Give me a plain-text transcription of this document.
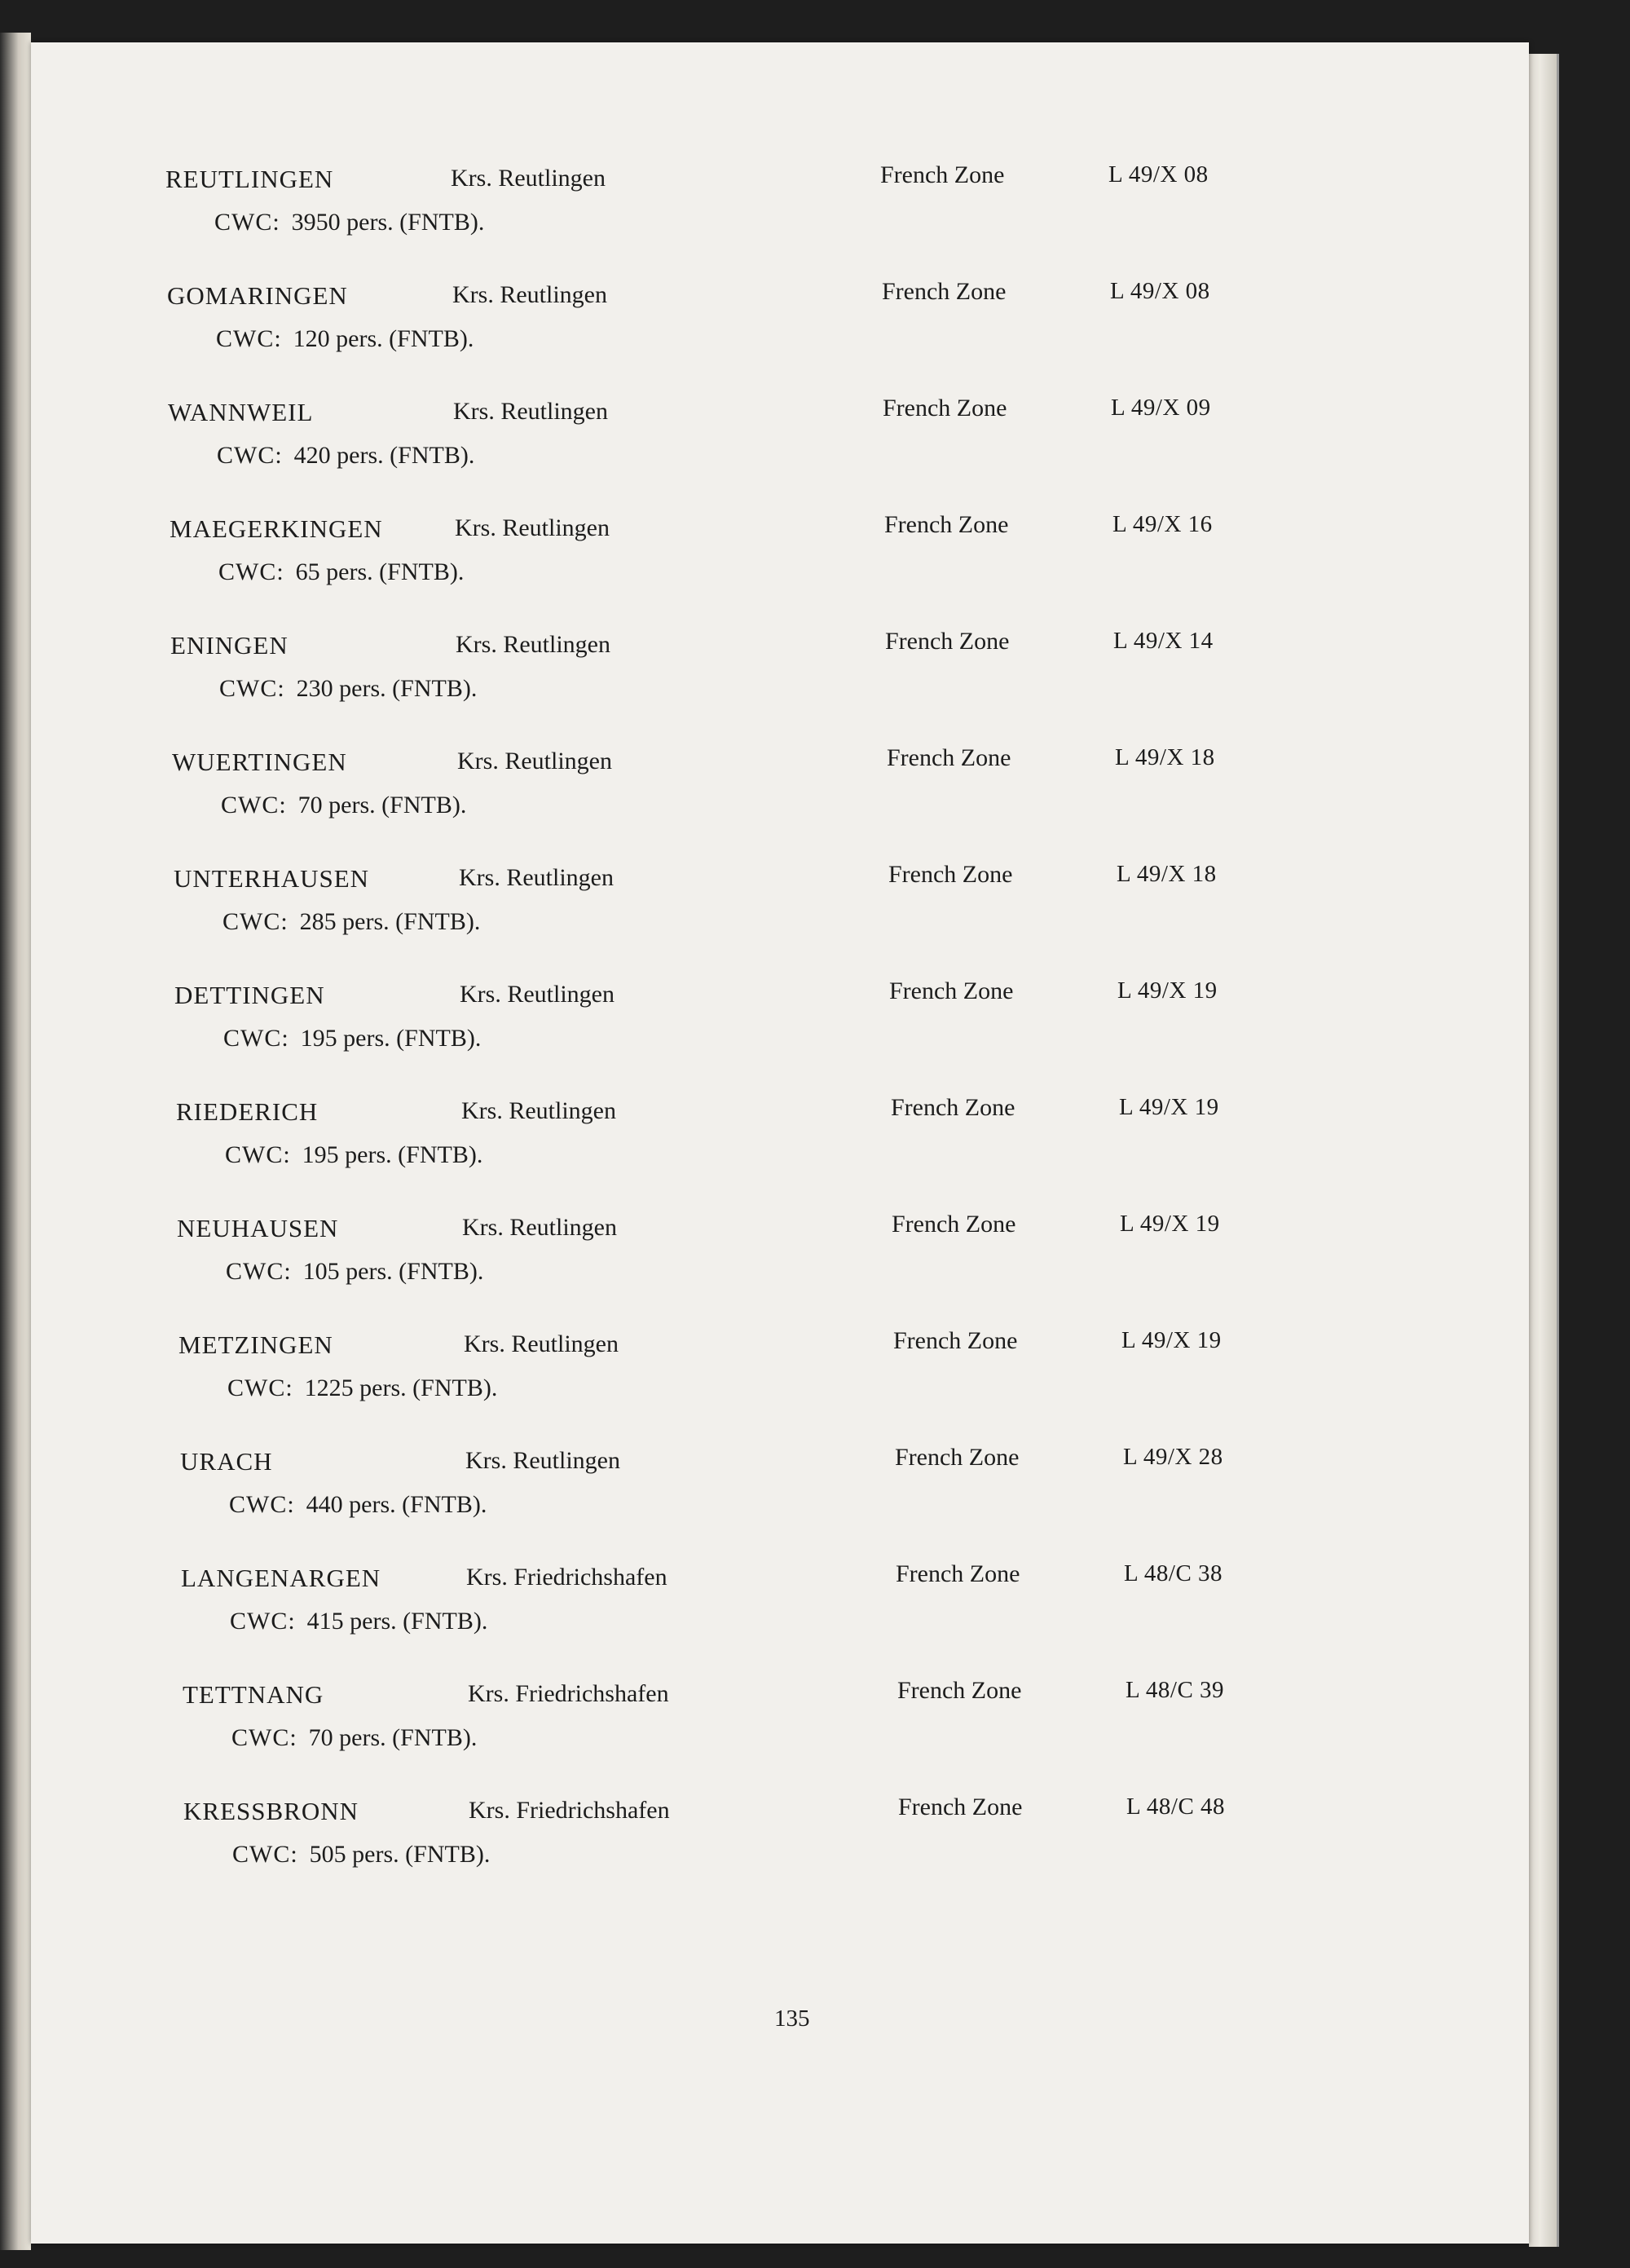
REUTLINGEN	Krs. Reutlingen	French Zone	L 49/X 08
CWC: 3950 pers. (FNTB).
GOMARINGEN	Krs. Reutlingen	French Zone	L 49/X 08
CWC: 120 pers. (FNTB).
WANNWEIL	Krs. Reutlingen	French Zone	L 49/X 09
CWC: 420 pers. (FNTB).
MAEGERKINGEN	Krs. Reutlingen	French Zone	L 49/X 16
CWC: 65 pers. (FNTB).
ENINGEN	Krs. Reutlingen	French Zone	L 49/X 14
CWC: 230 pers. (FNTB).
WUERTINGEN	Krs. Reutlingen	French Zone	L 49/X 18
CWC: 70 pers. (FNTB).
UNTERHAUSEN	Krs. Reutlingen	French Zone	L 49/X 18
CWC: 285 pers. (FNTB).
DETTINGEN	Krs. Reutlingen	French Zone	L 49/X 19
CWC: 195 pers. (FNTB).
RIEDERICH	Krs. Reutlingen	French Zone	L 49/X 19
CWC: 195 pers. (FNTB).
NEUHAUSEN	Krs. Reutlingen	French Zone	L 49/X 19
CWC: 105 pers. (FNTB).
METZINGEN	Krs. Reutlingen	French Zone	L 49/X 19
CWC: 1225 pers. (FNTB).
URACH	Krs. Reutlingen	French Zone	L 49/X 28
CWC: 440 pers. (FNTB).
LANGENARGEN	Krs. Friedrichshafen	French Zone	L 48/C 38
CWC: 415 pers. (FNTB).
TETTNANG	Krs. Friedrichshafen	French Zone	L 48/C 39
CWC: 70 pers. (FNTB).
KRESSBRONN	Krs. Friedrichshafen	French Zone	L 48/C 48
CWC: 505 pers. (FNTB).
135
